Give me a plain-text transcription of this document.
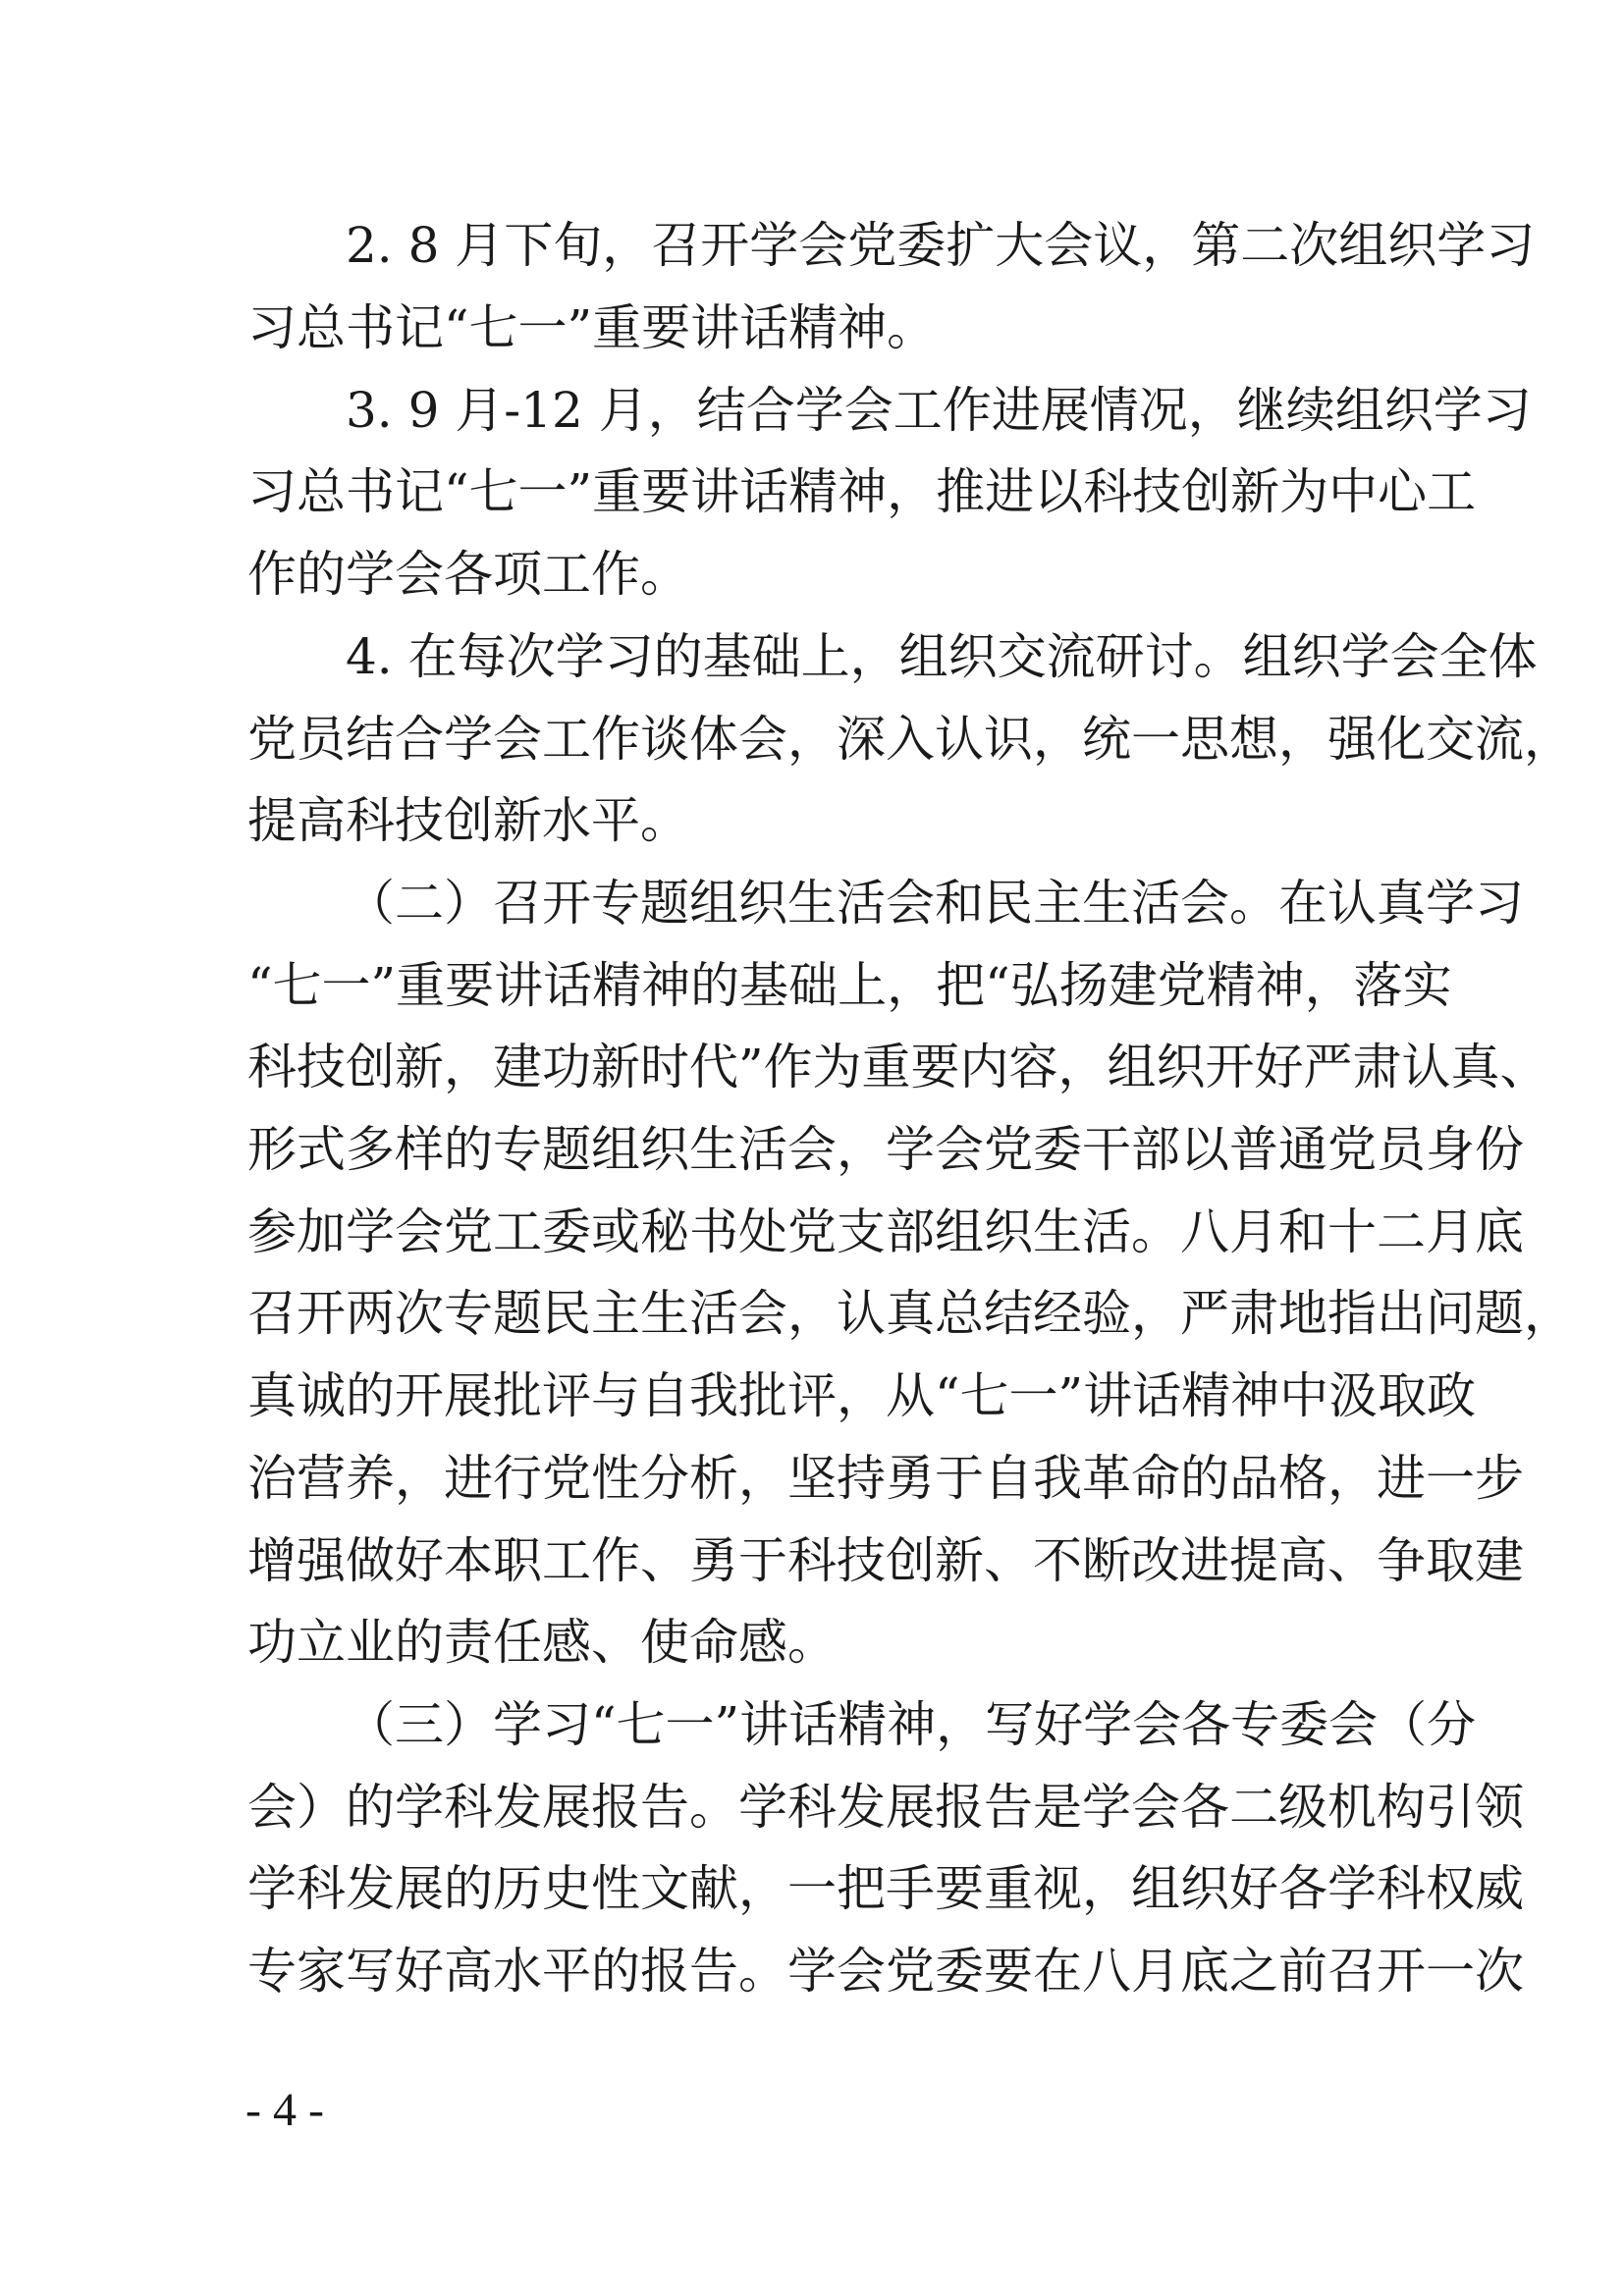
2. 8 月下旬，召开学会党委扩大会议，第二次组织学习
习总书记“七一”重要讲话精神。
3. 9 月-12 月，结合学会工作进展情况，继续组织学习
习总书记“七一”重要讲话精神，推进以科技创新为中心工
作的学会各项工作。
4. 在每次学习的基础上，组织交流研讨。组织学会全体
党员结合学会工作谈体会，深入认识，统一思想，强化交流，
提高科技创新水平。
（二）召开专题组织生活会和民主生活会。在认真学习
“七一”重要讲话精神的基础上，把“弘扬建党精神，落实
科技创新，建功新时代”作为重要内容，组织开好严肃认真、
形式多样的专题组织生活会，学会党委干部以普通党员身份
参加学会党工委或秘书处党支部组织生活。八月和十二月底
召开两次专题民主生活会，认真总结经验，严肃地指出问题，
真诚的开展批评与自我批评，从“七一”讲话精神中汲取政
治营养，进行党性分析，坚持勇于自我革命的品格，进一步
增强做好本职工作、勇于科技创新、不断改进提高、争取建
功立业的责任感、使命感。
（三）学习“七一”讲话精神，写好学会各专委会（分
会）的学科发展报告。学科发展报告是学会各二级机构引领
学科发展的历史性文献，一把手要重视，组织好各学科权威
专家写好高水平的报告。学会党委要在八月底之前召开一次
- 4 -
